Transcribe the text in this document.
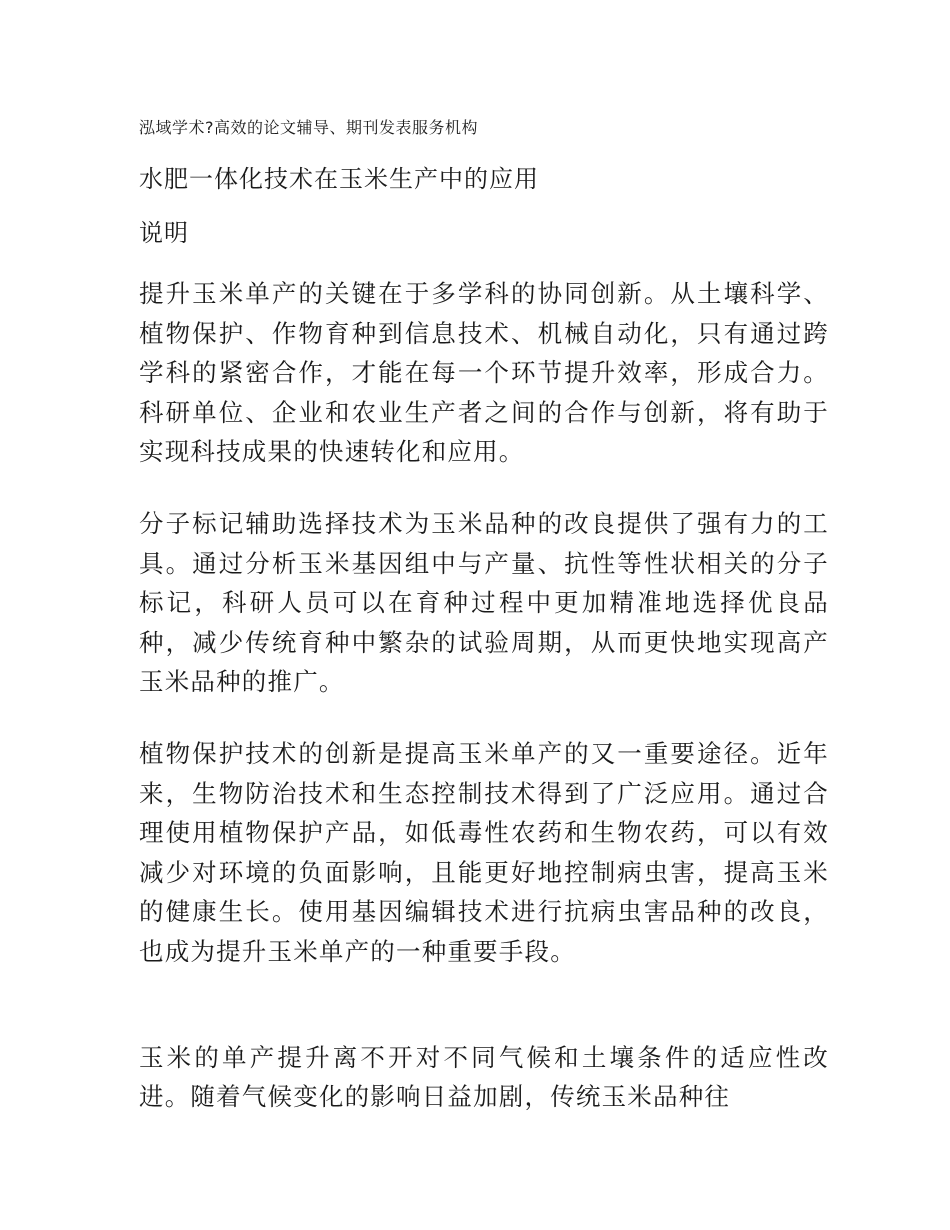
泓域学术?高效的论文辅导、期刊发表服务机构
水肥一体化技术在玉米生产中的应用
说明

提升玉米单产的关键在于多学科的协同创新。从土壤科学、植物保护、作物育种到信息技术、机械自动化，只有通过跨学科的紧密合作，才能在每一个环节提升效率，形成合力。科研单位、企业和农业生产者之间的合作与创新，将有助于实现科技成果的快速转化和应用。

分子标记辅助选择技术为玉米品种的改良提供了强有力的工具。通过分析玉米基因组中与产量、抗性等性状相关的分子标记，科研人员可以在育种过程中更加精准地选择优良品种，减少传统育种中繁杂的试验周期，从而更快地实现高产玉米品种的推广。

植物保护技术的创新是提高玉米单产的又一重要途径。近年来，生物防治技术和生态控制技术得到了广泛应用。通过合理使用植物保护产品，如低毒性农药和生物农药，可以有效减少对环境的负面影响，且能更好地控制病虫害，提高玉米的健康生长。使用基因编辑技术进行抗病虫害品种的改良，也成为提升玉米单产的一种重要手段。

玉米的单产提升离不开对不同气候和土壤条件的适应性改进。随着气候变化的影响日益加剧，传统玉米品种往
